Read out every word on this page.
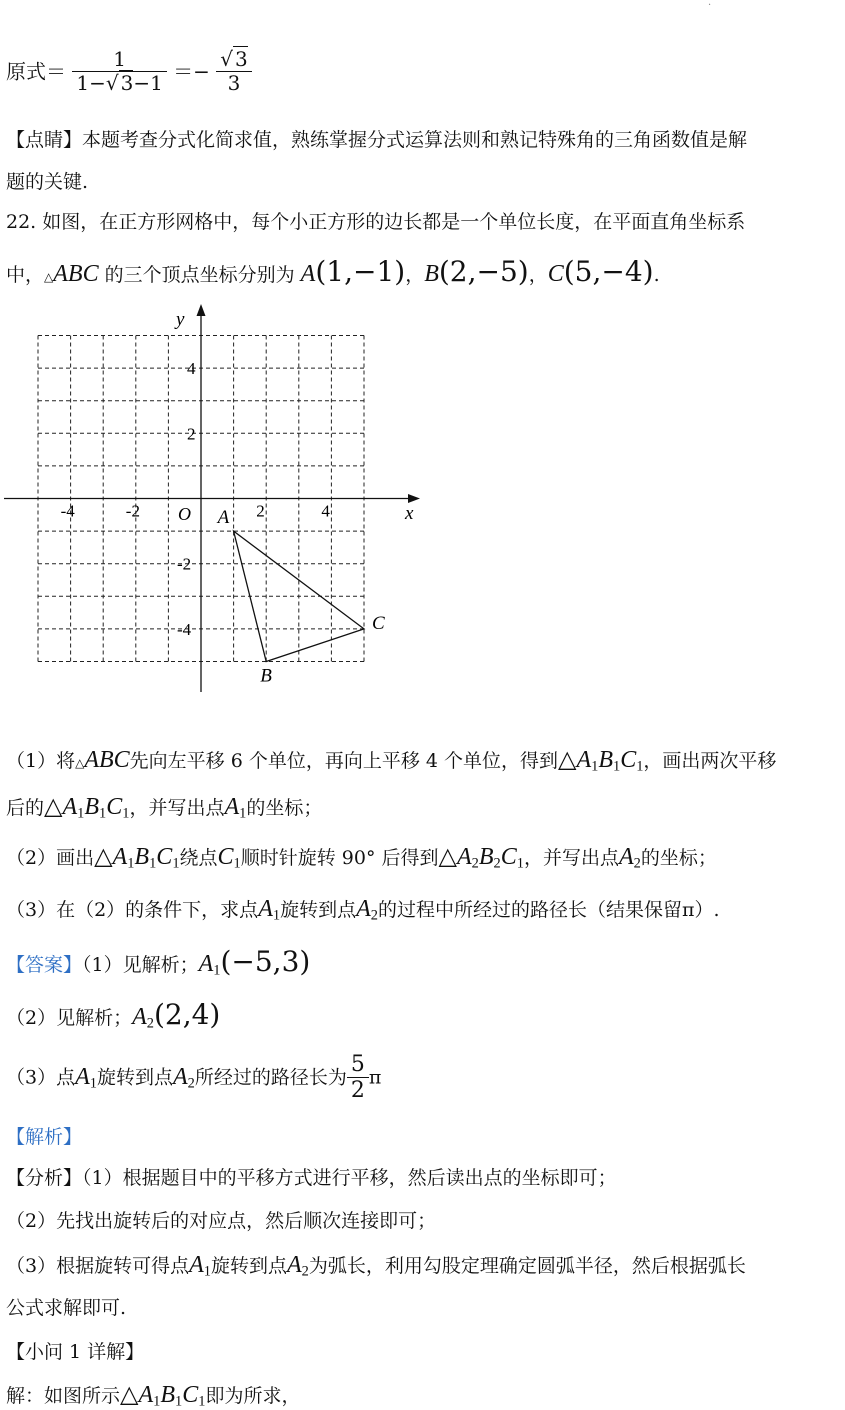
·
原式＝ $\frac{1}{1-√ 3-1} =- \frac{√ 3}{3}$
【点睛】本题考查分式化简求值，熟练掌握分式运算法则和熟记特殊角的三角函数值是解
题的关键.
22. 如图，在正方形网格中，每个小正方形的边长都是一个单位长度，在平面直角坐标系
中，△ABC 的三个顶点坐标分别为 A(1,−1)，B(2,−5)，C(5,−4).
-4	-2	2	4
4
2
-2
-4
O	x
y
A
B
C
（1）将△ABC先向左平移 6 个单位，再向上平移 4 个单位，得到$\triangle A_1B_1C_1$，画出两次平移
后的$\triangle A_1B_1C_1$，并写出点$A_1$的坐标；
（2）画出$\triangle A_1B_1C_1$绕点$C_1$顺时针旋转 90° 后得到$\triangle A_2B_2C_1$，并写出点$A_2$的坐标；
（3）在（2）的条件下，求点$A_1$旋转到点$A_2$的过程中所经过的路径长（结果保留π）.
【答案】（1）见解析；$A_1(-5,3)$
（2）见解析；$A_2(2,4)$
（3）点$A_1$旋转到点$A_2$所经过的路径长为 $\frac{5}{2}$ π
【解析】
【分析】（1）根据题目中的平移方式进行平移，然后读出点的坐标即可；
（2）先找出旋转后的对应点，然后顺次连接即可；
（3）根据旋转可得点$A_1$旋转到点$A_2$为弧长，利用勾股定理确定圆弧半径，然后根据弧长
公式求解即可.
【小问 1 详解】
解：如图所示$\triangle A_1B_1C_1$即为所求，
